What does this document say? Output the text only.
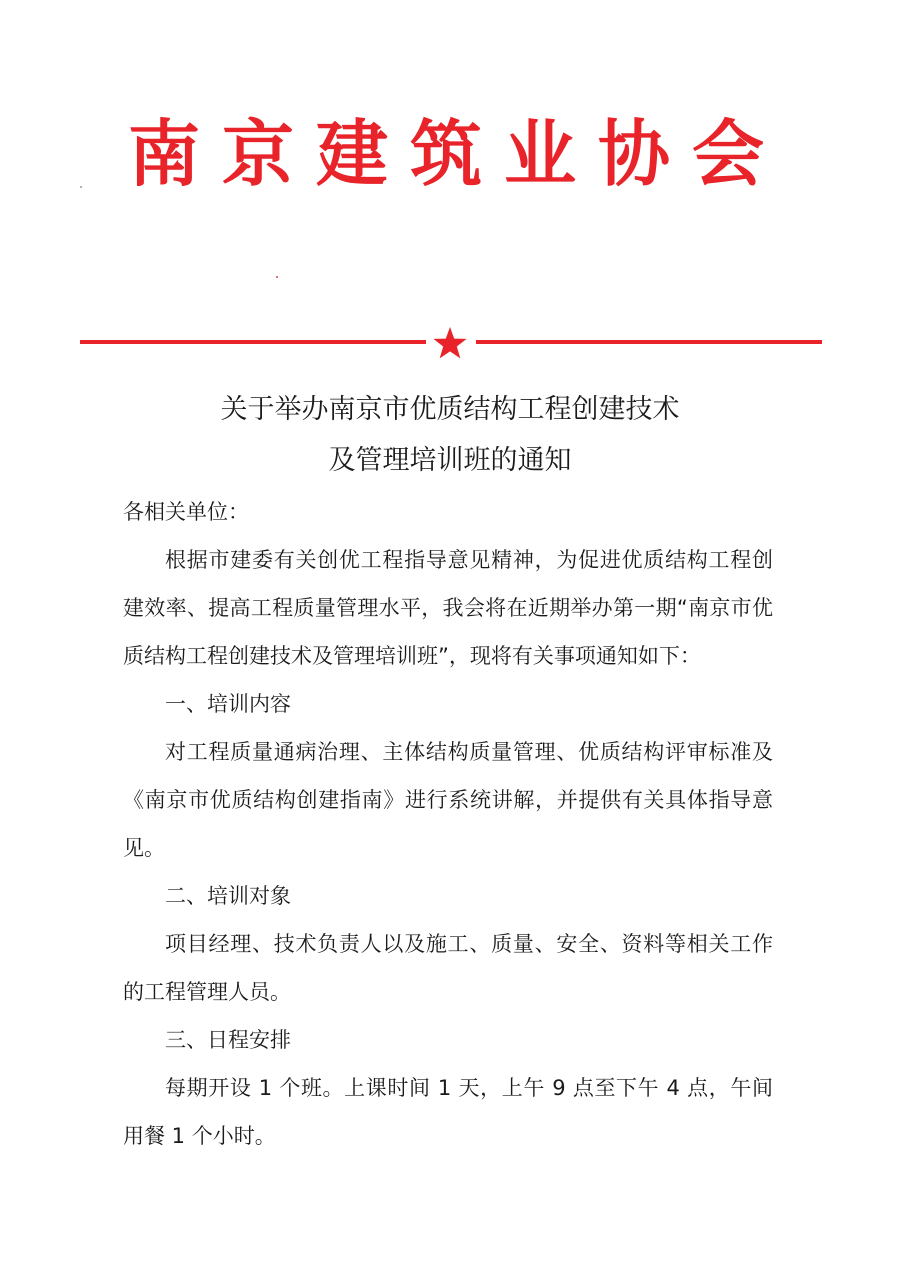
南京建筑业协会
关于举办南京市优质结构工程创建技术
及管理培训班的通知

各相关单位：

根据市建委有关创优工程指导意见精神，为促进优质结构工程创建效率、提高工程质量管理水平，我会将在近期举办第一期“南京市优质结构工程创建技术及管理培训班”，现将有关事项通知如下：

一、培训内容

对工程质量通病治理、主体结构质量管理、优质结构评审标准及《南京市优质结构创建指南》进行系统讲解，并提供有关具体指导意见。

二、培训对象

项目经理、技术负责人以及施工、质量、安全、资料等相关工作的工程管理人员。

三、日程安排

每期开设 1 个班。上课时间 1 天，上午 9 点至下午 4 点，午间用餐 1 个小时。
